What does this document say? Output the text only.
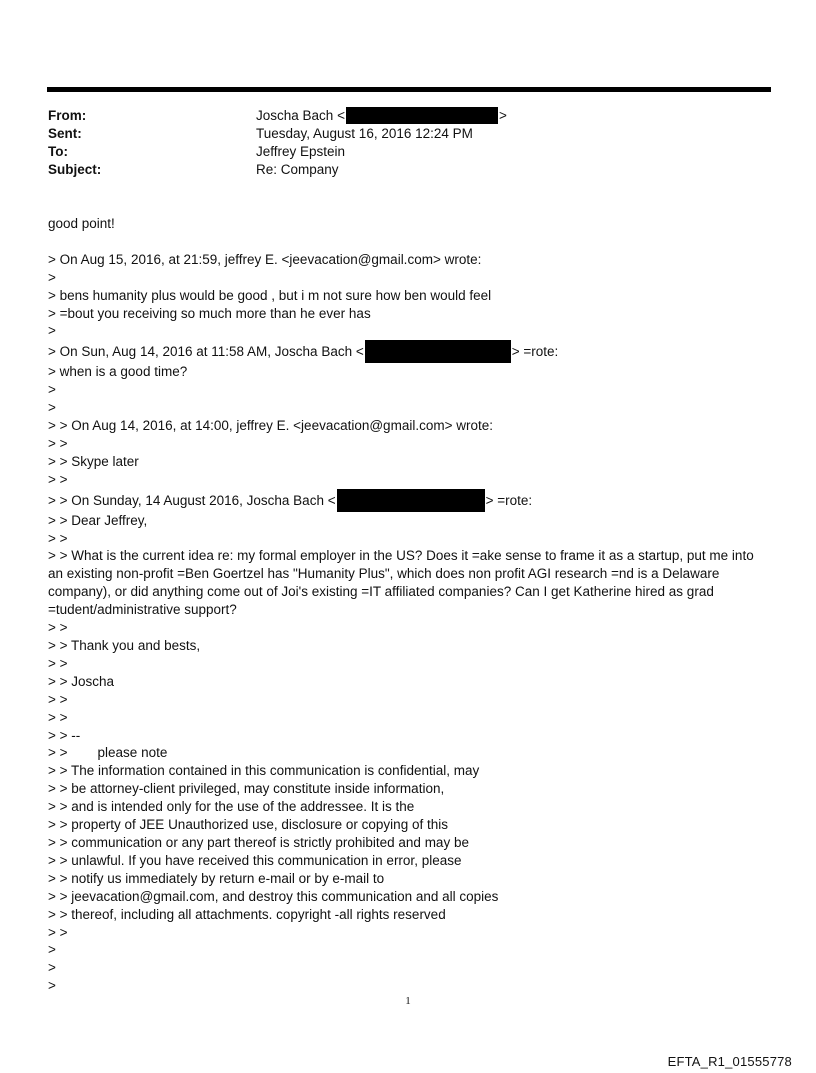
From:	Joscha Bach <	>
Sent:	Tuesday, August 16, 2016 12:24 PM
To:	Jeffrey Epstein
Subject:	Re: Company
good point!
> On Aug 15, 2016, at 21:59, jeffrey E. <jeevacation@gmail.com> wrote:
>
> bens humanity plus would be good , but i m not sure how ben would feel
> =bout you receiving so much more than he ever has
>
> On Sun, Aug 14, 2016 at 11:58 AM, Joscha Bach <	> =rote:
> when is a good time?
>
>
> > On Aug 14, 2016, at 14:00, jeffrey E. <jeevacation@gmail.com> wrote:
> >
> > Skype later
> >
> > On Sunday, 14 August 2016, Joscha Bach <	> =rote:
> > Dear Jeffrey,
> >
> > What is the current idea re: my formal employer in the US? Does it =ake sense to frame it as a startup, put me into an existing non-profit =Ben Goertzel has "Humanity Plus", which does non profit AGI research =nd is a Delaware company), or did anything come out of Joi's existing =IT affiliated companies? Can I get Katherine hired as grad =tudent/administrative support?
> >
> > Thank you and bests,
> >
> > Joscha
> >
> >
> > --
> > please note
> > The information contained in this communication is confidential, may
> > be attorney-client privileged, may constitute inside information,
> > and is intended only for the use of the addressee. It is the
> > property of JEE Unauthorized use, disclosure or copying of this
> > communication or any part thereof is strictly prohibited and may be
> > unlawful. If you have received this communication in error, please
> > notify us immediately by return e-mail or by e-mail to
> > jeevacation@gmail.com, and destroy this communication and all copies
> > thereof, including all attachments. copyright -all rights reserved
> >
>
>
>
1
EFTA_R1_01555778
